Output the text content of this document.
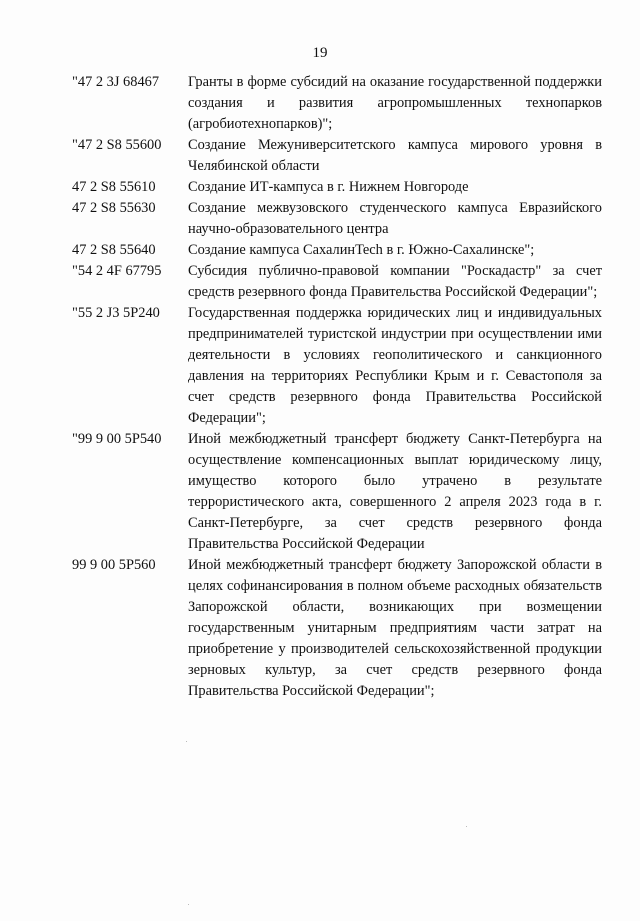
19
"47 2 3J 68467	Гранты в форме субсидий на оказание государственной поддержки создания и развития агропромышленных технопарков (агробиотехнопарков)";
"47 2 S8 55600	Создание Межуниверситетского кампуса мирового уровня в Челябинской области
47 2 S8 55610	Создание ИТ-кампуса в г. Нижнем Новгороде
47 2 S8 55630	Создание межвузовского студенческого кампуса Евразийского научно-образовательного центра
47 2 S8 55640	Создание кампуса СахалинTech в г. Южно-Сахалинске";
"54 2 4F 67795	Субсидия публично-правовой компании "Роскадастр" за счет средств резервного фонда Правительства Российской Федерации";
"55 2 J3 5P240	Государственная поддержка юридических лиц и индивидуальных предпринимателей туристской индустрии при осуществлении ими деятельности в условиях геополитического и санкционного давления на территориях Республики Крым и г. Севастополя за счет средств резервного фонда Правительства Российской Федерации";
"99 9 00 5P540	Иной межбюджетный трансферт бюджету Санкт-Петербурга на осуществление компенсационных выплат юридическому лицу, имущество которого было утрачено в результате террористического акта, совершенного 2 апреля 2023 года в г. Санкт-Петербурге, за счет средств резервного фонда Правительства Российской Федерации
99 9 00 5P560	Иной межбюджетный трансферт бюджету Запорожской области в целях софинансирования в полном объеме расходных обязательств Запорожской области, возникающих при возмещении государственным унитарным предприятиям части затрат на приобретение у производителей сельскохозяйственной продукции зерновых культур, за счет средств резервного фонда Правительства Российской Федерации";
